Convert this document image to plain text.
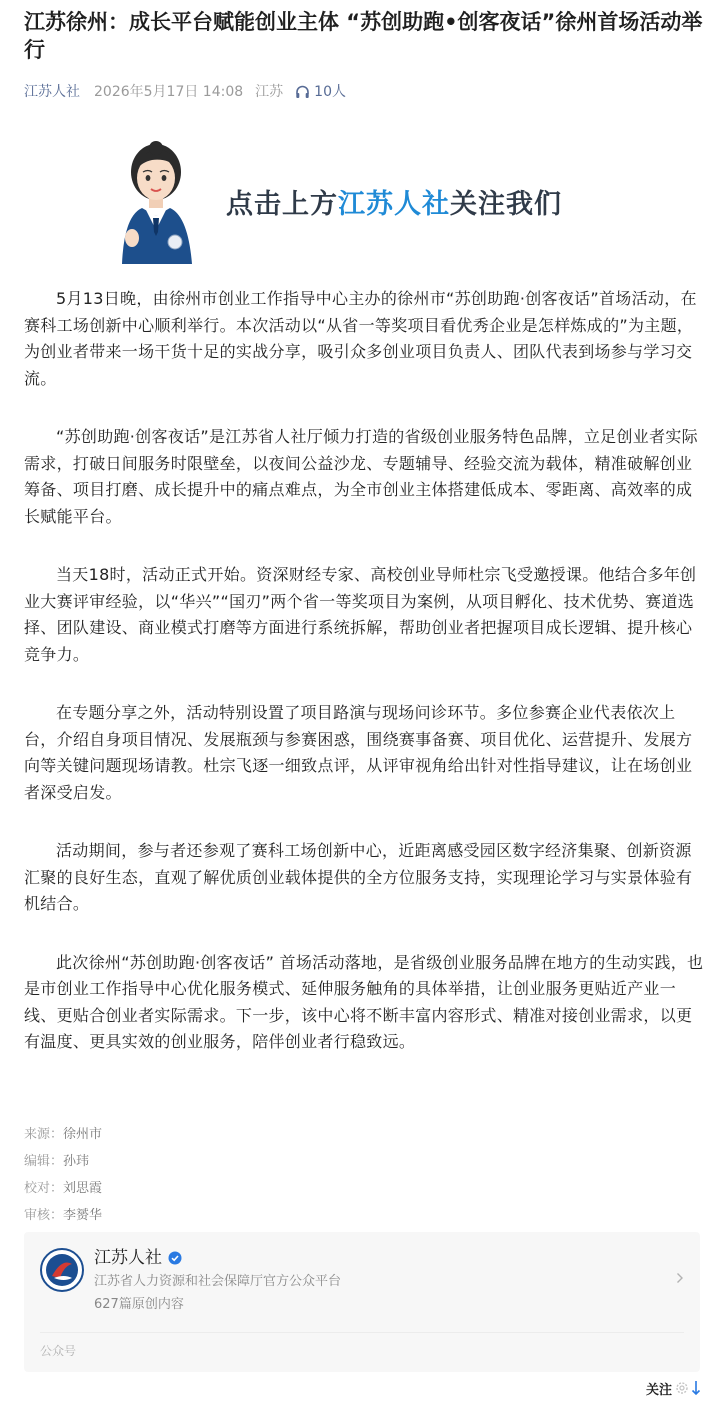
江苏徐州：成长平台赋能创业主体 “苏创助跑•创客夜话”徐州首场活动举行
江苏人社 2026年5月17日 14:08 江苏 10人
点击上方江苏人社关注我们

5月13日晚，由徐州市创业工作指导中心主办的徐州市“苏创助跑·创客夜话”首场活动，在赛科工场创新中心顺利举行。本次活动以“从省一等奖项目看优秀企业是怎样炼成的”为主题，为创业者带来一场干货十足的实战分享，吸引众多创业项目负责人、团队代表到场参与学习交流。

“苏创助跑·创客夜话”是江苏省人社厅倾力打造的省级创业服务特色品牌，立足创业者实际需求，打破日间服务时限壁垒，以夜间公益沙龙、专题辅导、经验交流为载体，精准破解创业筹备、项目打磨、成长提升中的痛点难点，为全市创业主体搭建低成本、零距离、高效率的成长赋能平台。

当天18时，活动正式开始。资深财经专家、高校创业导师杜宗飞受邀授课。他结合多年创业大赛评审经验，以“华兴”“国刃”两个省一等奖项目为案例，从项目孵化、技术优势、赛道选择、团队建设、商业模式打磨等方面进行系统拆解，帮助创业者把握项目成长逻辑、提升核心竞争力。

在专题分享之外，活动特别设置了项目路演与现场问诊环节。多位参赛企业代表依次上台，介绍自身项目情况、发展瓶颈与参赛困惑，围绕赛事备赛、项目优化、运营提升、发展方向等关键问题现场请教。杜宗飞逐一细致点评，从评审视角给出针对性指导建议，让在场创业者深受启发。

活动期间，参与者还参观了赛科工场创新中心，近距离感受园区数字经济集聚、创新资源汇聚的良好生态，直观了解优质创业载体提供的全方位服务支持，实现理论学习与实景体验有机结合。

此次徐州“苏创助跑·创客夜话” 首场活动落地，是省级创业服务品牌在地方的生动实践，也是市创业工作指导中心优化服务模式、延伸服务触角的具体举措，让创业服务更贴近产业一线、更贴合创业者实际需求。下一步，该中心将不断丰富内容形式、精准对接创业需求，以更有温度、更具实效的创业服务，陪伴创业者行稳致远。

来源：徐州市
编辑：孙玮
校对：刘思霞
审核：李赟华
江苏人社
江苏省人力资源和社会保障厅官方公众平台
627篇原创内容
公众号
关注
